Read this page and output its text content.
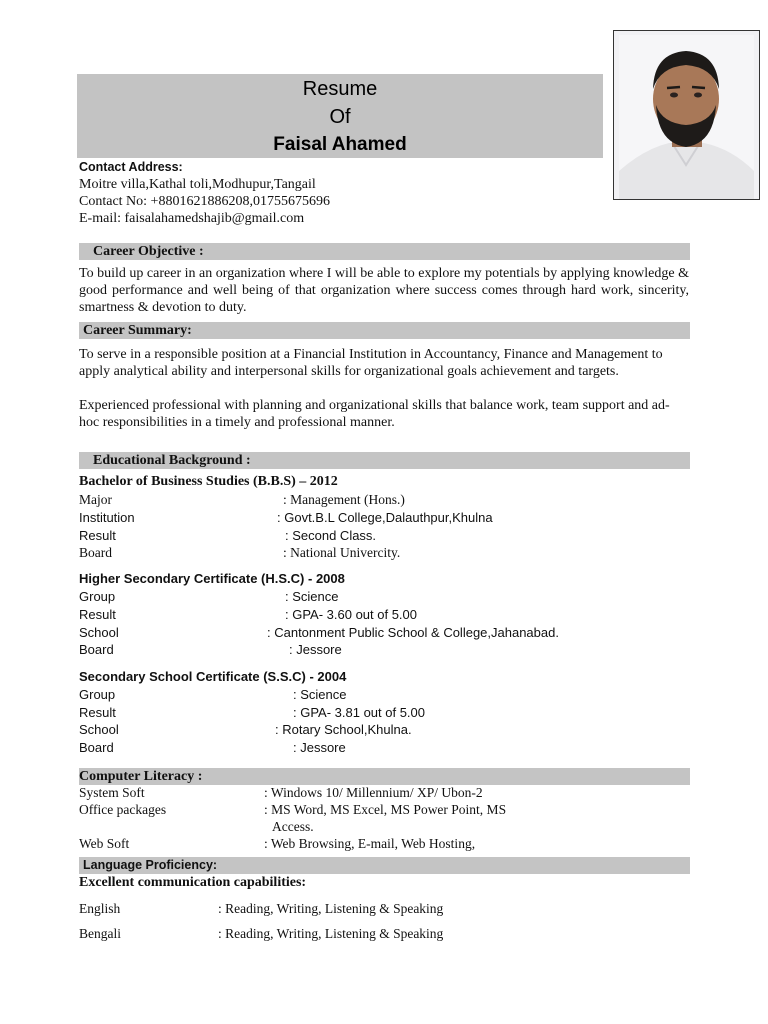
Resume
Of
Faisal Ahamed
Contact Address:
Moitre villa,Kathal toli,Modhupur,Tangail
Contact No: +8801621886208,01755675696
E-mail: faisalahamedshajib@gmail.com
Career Objective :
To build up career in an organization where I will be able to explore my potentials by applying knowledge & good performance and well being of that organization where success comes through hard work, sincerity, smartness & devotion to duty.
Career Summary:
To serve in a responsible position at a Financial Institution in Accountancy, Finance and Management to apply analytical ability and interpersonal skills for organizational goals achievement and targets.
Experienced professional with planning and organizational skills that balance work, team support and ad-hoc responsibilities in a timely and professional manner.
Educational Background :
Bachelor of Business Studies (B.B.S) – 2012
Major	: Management (Hons.)
Institution	: Govt.B.L College,Dalauthpur,Khulna
Result	: Second Class.
Board	: National Univercity.
Higher Secondary Certificate (H.S.C) - 2008
Group	: Science
Result	: GPA- 3.60 out of 5.00
School	: Cantonment Public School & College,Jahanabad.
Board	: Jessore
Secondary School Certificate (S.S.C) - 2004
Group	: Science
Result	: GPA- 3.81 out of 5.00
School	: Rotary School,Khulna.
Board	: Jessore
Computer Literacy :
System Soft	: Windows 10/ Millennium/ XP/ Ubon-2
Office packages	: MS Word, MS Excel, MS Power Point, MS
Access.
Web Soft	: Web Browsing, E-mail, Web Hosting,
Language Proficiency:
Excellent communication capabilities:
English	: Reading, Writing, Listening & Speaking
Bengali	: Reading, Writing, Listening & Speaking
